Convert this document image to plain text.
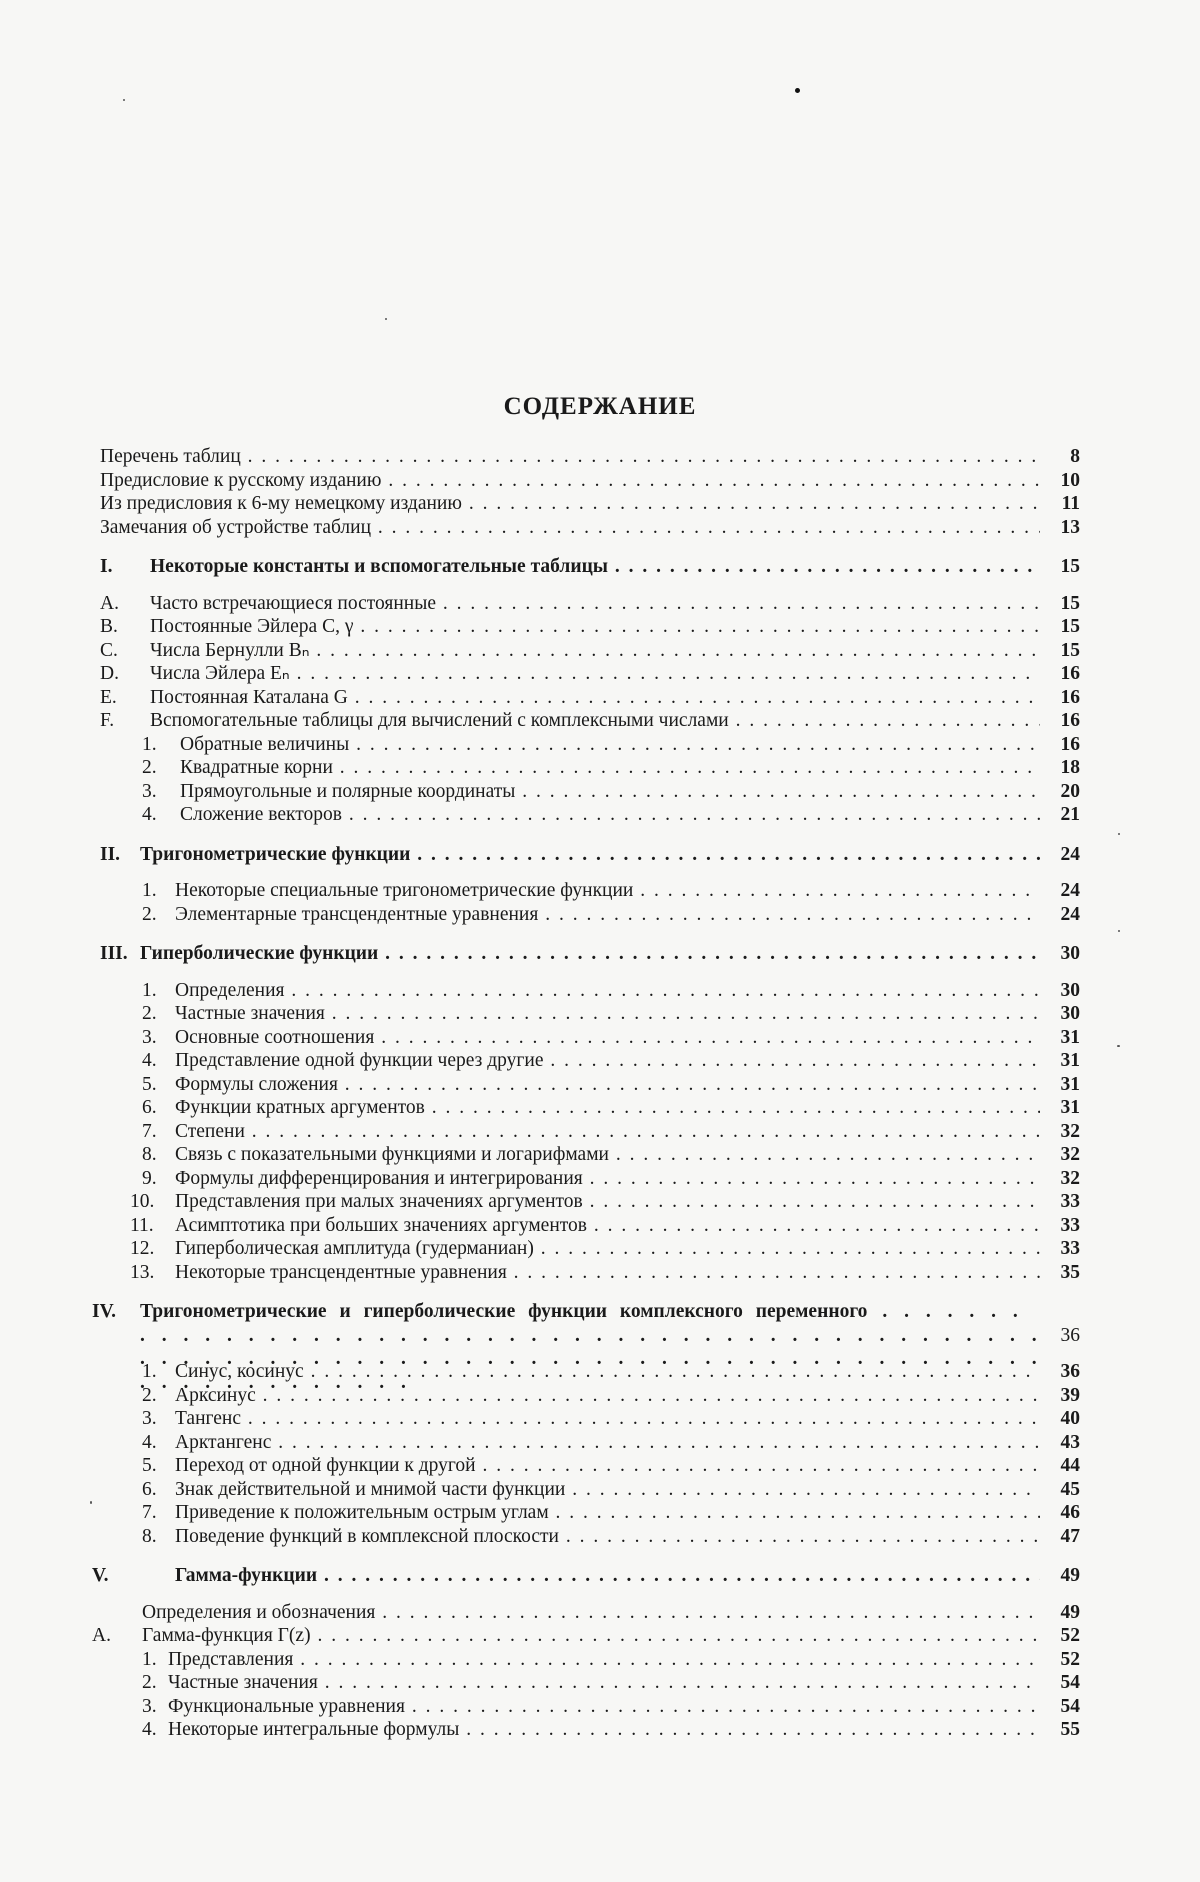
СОДЕРЖАНИЕ
Перечень таблиц . . .	8
Предисловие к русскому изданию . . .	10
Из предисловия к 6-му немецкому изданию . . .	11
Замечания об устройстве таблиц . . .	13
I. Некоторые константы и вспомогательные таблицы . . .	15
A. Часто встречающиеся постоянные . . .	15
B. Постоянные Эйлера C, γ . . .	15
C. Числа Бернулли Bₙ . . .	15
D. Числа Эйлера Eₙ . . .	16
E. Постоянная Каталана G . . .	16
F. Вспомогательные таблицы для вычислений с комплексными числами . . .	16
1. Обратные величины . . .	16
2. Квадратные корни . . .	18
3. Прямоугольные и полярные координаты . . .	20
4. Сложение векторов . . .	21
II. Тригонометрические функции . . .	24
1. Некоторые специальные тригонометрические функции . . .	24
2. Элементарные трансцендентные уравнения . . .	24
III. Гиперболические функции . . .	30
1. Определения . . .	30
2. Частные значения . . .	30
3. Основные соотношения . . .	31
4. Представление одной функции через другие . . .	31
5. Формулы сложения . . .	31
6. Функции кратных аргументов . . .	31
7. Степени . . .	32
8. Связь с показательными функциями и логарифмами . . .	32
9. Формулы дифференцирования и интегрирования . . .	32
10. Представления при малых значениях аргументов . . .	33
11. Асимптотика при больших значениях аргументов . . .	33
12. Гиперболическая амплитуда (гудерманиан) . . .	33
13. Некоторые трансцендентные уравнения . . .	35
IV. Тригонометрические и гиперболические функции комплексного переменного . . .
36
1. Синус, косинус . . .	36
2. Арксинус . . .	39
3. Тангенс . . .	40
4. Арктангенс . . .	43
5. Переход от одной функции к другой . . .	44
6. Знак действительной и мнимой части функции . . .	45
7. Приведение к положительным острым углам . . .	46
8. Поведение функций в комплексной плоскости . . .	47
V.	Гамма-функции . . .	49
Определения и обозначения . . .	49
A. Гамма-функция Γ(z) . . .	52
1. Представления . . .	52
2. Частные значения . . .	54
3. Функциональные уравнения . . .	54
4. Некоторые интегральные формулы . . .	55
